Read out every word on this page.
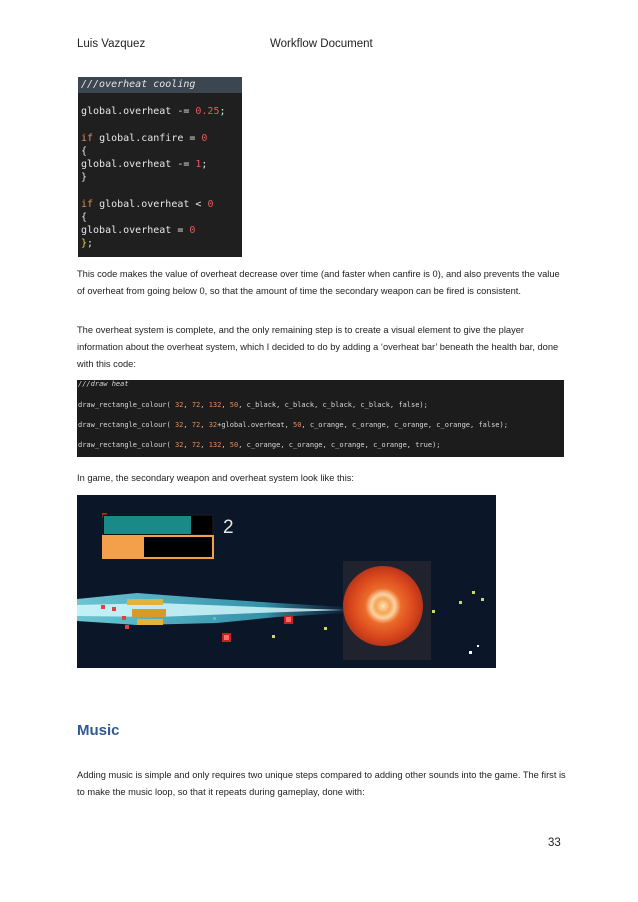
Luis Vazquez	Workflow Document
///overheat cooling
global.overheat -= 0.25;
if global.canfire = 0
{
global.overheat -= 1;
}
if global.overheat < 0
{
global.overheat = 0
};
This code makes the value of overheat decrease over time (and faster when canfire is 0), and also prevents the value of overheat from going below 0, so that the amount of time the secondary weapon can be fired is consistent.
The overheat system is complete, and the only remaining step is to create a visual element to give the player information about the overheat system, which I decided to do by adding a ‘overheat bar’ beneath the health bar, done with this code:
///draw heat
draw_rectangle_colour( 32, 72, 132, 50, c_black, c_black, c_black, c_black, false);
draw_rectangle_colour( 32, 72, 32+global.overheat, 50, c_orange, c_orange, c_orange, c_orange, false);
draw_rectangle_colour( 32, 72, 132, 50, c_orange, c_orange, c_orange, c_orange, true);
In game, the secondary weapon and overheat system look like this:
2
Music
Adding music is simple and only requires two unique steps compared to adding other sounds into the game. The first is to make the music loop, so that it repeats during gameplay, done with:
33
